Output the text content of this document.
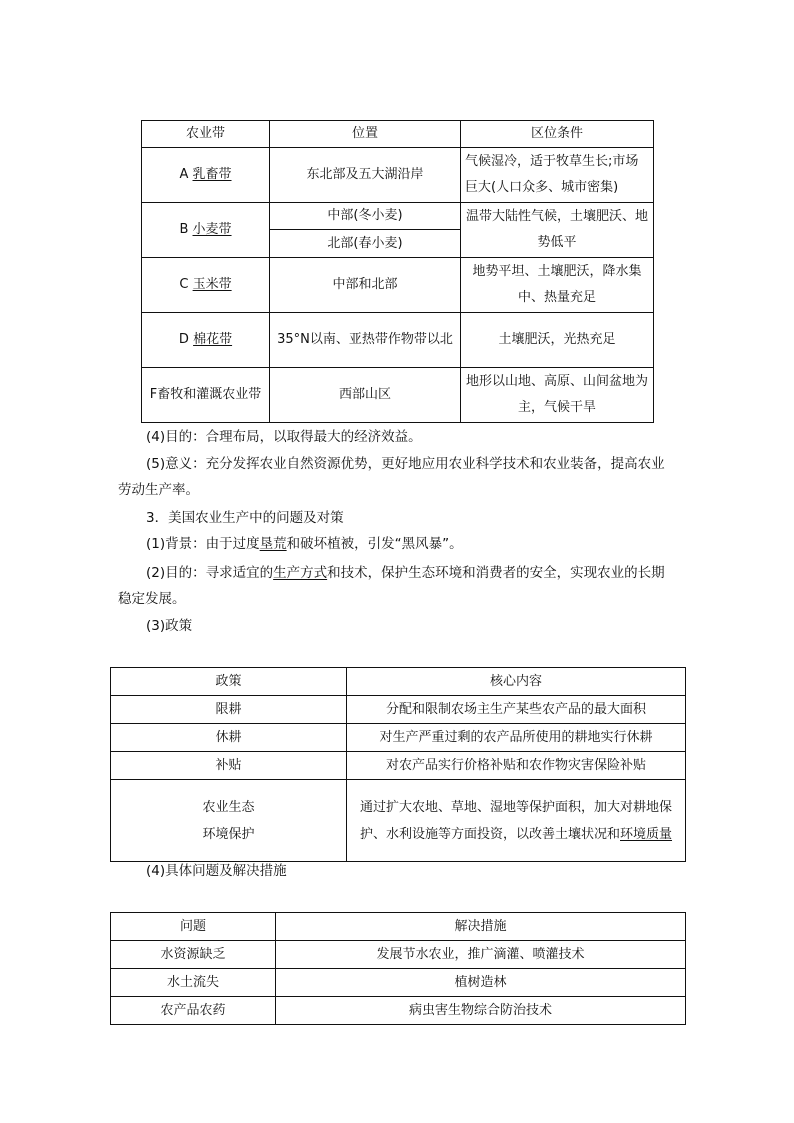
农业带	位置	区位条件
A 乳畜带	东北部及五大湖沿岸	气候湿冷，适于牧草生长;市场巨大(人口众多、城市密集)
B 小麦带	中部(冬小麦)	温带大陆性气候，土壤肥沃、地势低平
	北部(春小麦)	
C 玉米带	中部和北部	地势平坦、土壤肥沃，降水集中、热量充足
D 棉花带	35°N以南、亚热带作物带以北	土壤肥沃，光热充足
F畜牧和灌溉农业带	西部山区	地形以山地、高原、山间盆地为主，气候干旱
(4)目的：合理布局，以取得最大的经济效益。
(5)意义：充分发挥农业自然资源优势，更好地应用农业科学技术和农业装备，提高农业劳动生产率。
3．美国农业生产中的问题及对策
(1)背景：由于过度垦荒和破坏植被，引发“黑风暴”。
(2)目的：寻求适宜的生产方式和技术，保护生态环境和消费者的安全，实现农业的长期稳定发展。
(3)政策
政策	核心内容
限耕	分配和限制农场主生产某些农产品的最大面积
休耕	对生产严重过剩的农产品所使用的耕地实行休耕
补贴	对农产品实行价格补贴和农作物灾害保险补贴

农业生态
环境保护	通过扩大农地、草地、湿地等保护面积，加大对耕地保护、水利设施等方面投资，以改善土壤状况和环境质量
(4)具体问题及解决措施
问题	解决措施
水资源缺乏	发展节水农业，推广滴灌、喷灌技术
水土流失	植树造林
农产品农药	病虫害生物综合防治技术
